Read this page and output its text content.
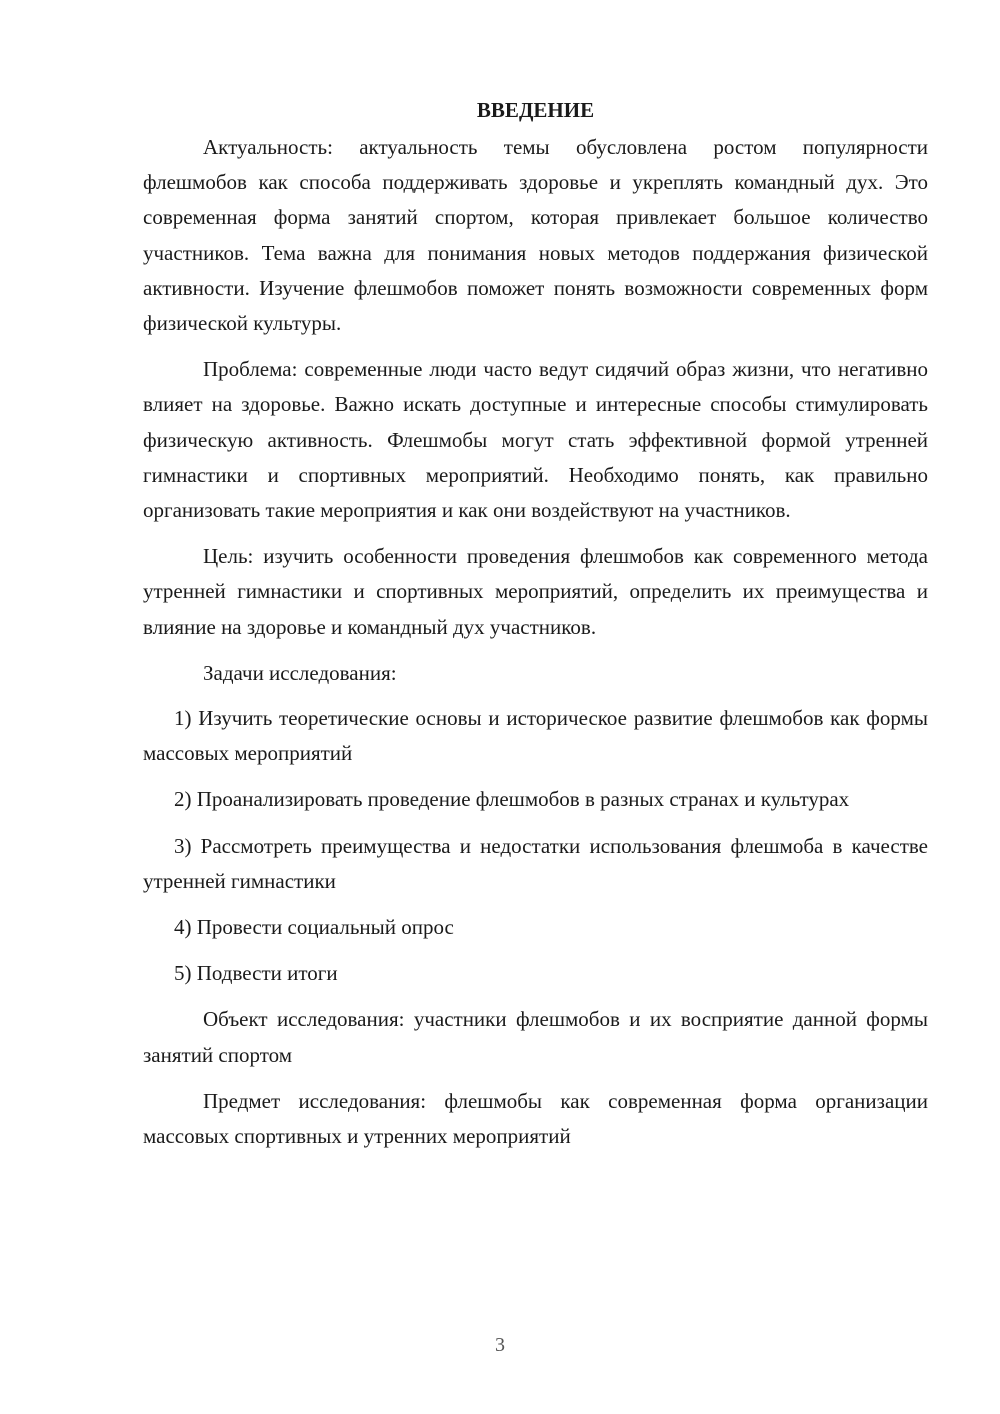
ВВЕДЕНИЕ

Актуальность: актуальность темы обусловлена ростом популярности флешмобов как способа поддерживать здоровье и укреплять командный дух. Это современная форма занятий спортом, которая привлекает большое количество участников. Тема важна для понимания новых методов поддержания физической активности. Изучение флешмобов поможет понять возможности современных форм физической культуры.

Проблема: современные люди часто ведут сидячий образ жизни, что негативно влияет на здоровье. Важно искать доступные и интересные способы стимулировать физическую активность. Флешмобы могут стать эффективной формой утренней гимнастики и спортивных мероприятий. Необходимо понять, как правильно организовать такие мероприятия и как они воздействуют на участников.

Цель: изучить особенности проведения флешмобов как современного метода утренней гимнастики и спортивных мероприятий, определить их преимущества и влияние на здоровье и командный дух участников.

Задачи исследования:

1) Изучить теоретические основы и историческое развитие флешмобов как формы массовых мероприятий

2) Проанализировать проведение флешмобов в разных странах и культурах

3) Рассмотреть преимущества и недостатки использования флешмоба в качестве утренней гимнастики

4) Провести социальный опрос

5) Подвести итоги

Объект исследования: участники флешмобов и их восприятие данной формы занятий спортом

Предмет исследования: флешмобы как современная форма организации массовых спортивных и утренних мероприятий

3
